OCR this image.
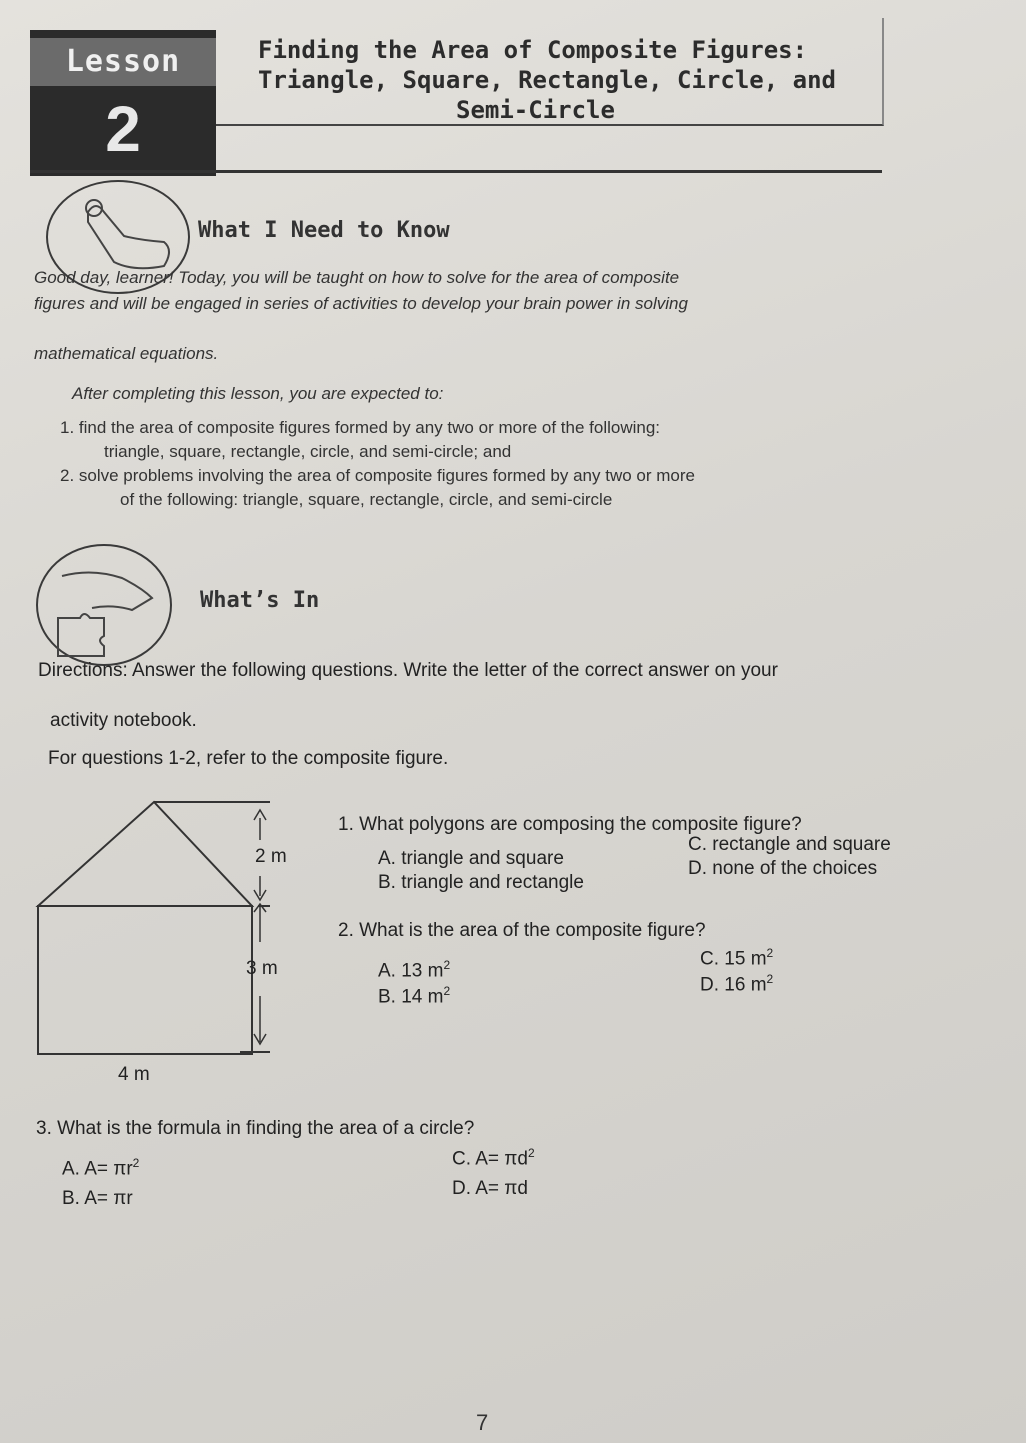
Lesson
2
Finding the Area of Composite Figures:
Triangle, Square, Rectangle, Circle, and
Semi-Circle
What I Need to Know
Good day, learner! Today, you will be taught on how to solve for the area of composite
figures and will be engaged in series of activities to develop your brain power in solving
mathematical equations.
After completing this lesson, you are expected to:
1. find the area of composite figures formed by any two or more of the following:
triangle, square, rectangle, circle, and semi-circle; and
2. solve problems involving the area of composite figures formed by any two or more
of the following: triangle, square, rectangle, circle, and semi-circle
What’s In
Directions: Answer the following questions. Write the letter of the correct answer on your
activity notebook.
For questions 1-2, refer to the composite figure.
2 m
3 m
4 m
1. What polygons are composing the composite figure?
A. triangle and square
B. triangle and rectangle
C. rectangle and square
D. none of the choices
2. What is the area of the composite figure?
A. 13 $m^2$
B. 14 $m^2$
C. 15 $m^2$
D. 16 $m^2$
3. What is the formula in finding the area of a circle?
A. $A= \pi r^2$
B. A= πr
C. $A= \pi d^2$
D. A= πd
7
